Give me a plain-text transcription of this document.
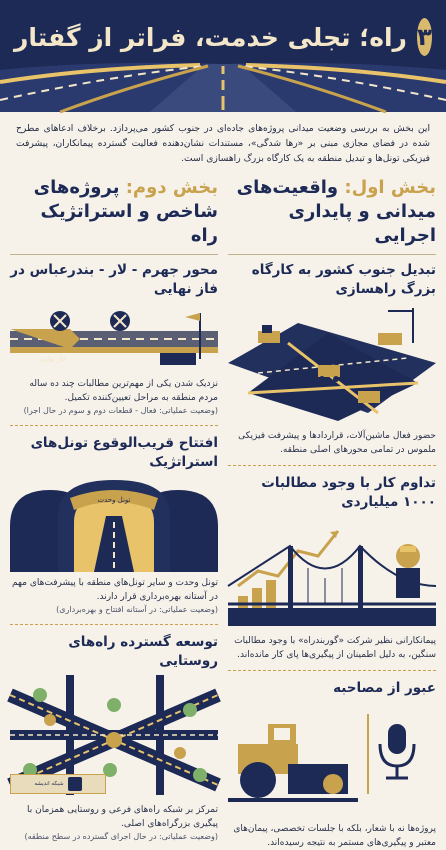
۳
راه؛ تجلی خدمت، فراتر از گفتار
این بخش به بررسی وضعیت میدانی پروژه‌های جاده‌ای در جنوب کشور می‌پردازد. برخلاف ادعاهای مطرح شده در فضای مجازی مبنی بر «رها شدگی»، مستندات نشان‌دهنده فعالیت گسترده پیمانکاران، پیشرفت فیزیکی تونل‌ها و تبدیل منطقه به یک کارگاه بزرگ راهسازی است.
بخش اول: واقعیت‌های میدانی و پایداری اجرایی
تبدیل جنوب کشور به کارگاه بزرگ راهسازی
حضور فعال ماشین‌آلات، قراردادها و پیشرفت فیزیکی ملموس در تمامی محورهای اصلی منطقه.
تداوم کار با وجود مطالبات ۱۰۰۰ میلیاردی
پیمانکارانی نظیر شرکت «گوربندراه» با وجود مطالبات سنگین، به دلیل اطمینان از پیگیری‌ها پای کار مانده‌اند.
عبور از مصاحبه
پروژه‌ها نه با شعار، بلکه با جلسات تخصصی، پیمان‌های معتبر و پیگیری‌های مستمر به نتیجه رسیده‌اند.
بخش دوم: پروژه‌های شاخص و استراتژیک راه
محور جهرم - لار - بندرعباس در فاز نهایی
فاز نهایی
نزدیک شدن یکی از مهم‌ترین مطالبات چند ده ساله مردم منطقه به مراحل تعیین‌کننده تکمیل.
(وضعیت عملیاتی: فعال - قطعات دوم و سوم در حال اجرا)
افتتاح قریب‌الوقوع تونل‌های استراتژیک
تونل وحدت
تونل وحدت و سایر تونل‌های منطقه با پیشرفت‌های مهم در آستانه بهره‌برداری قرار دارند.
(وضعیت عملیاتی: در آستانه افتتاح و بهره‌برداری)
توسعه گسترده راه‌های روستایی
تمرکز بر شبکه راه‌های فرعی و روستایی همزمان با پیگیری بزرگراه‌های اصلی.
(وضعیت عملیاتی: در حال اجرای گسترده در سطح منطقه)
شبکه اندیشه
